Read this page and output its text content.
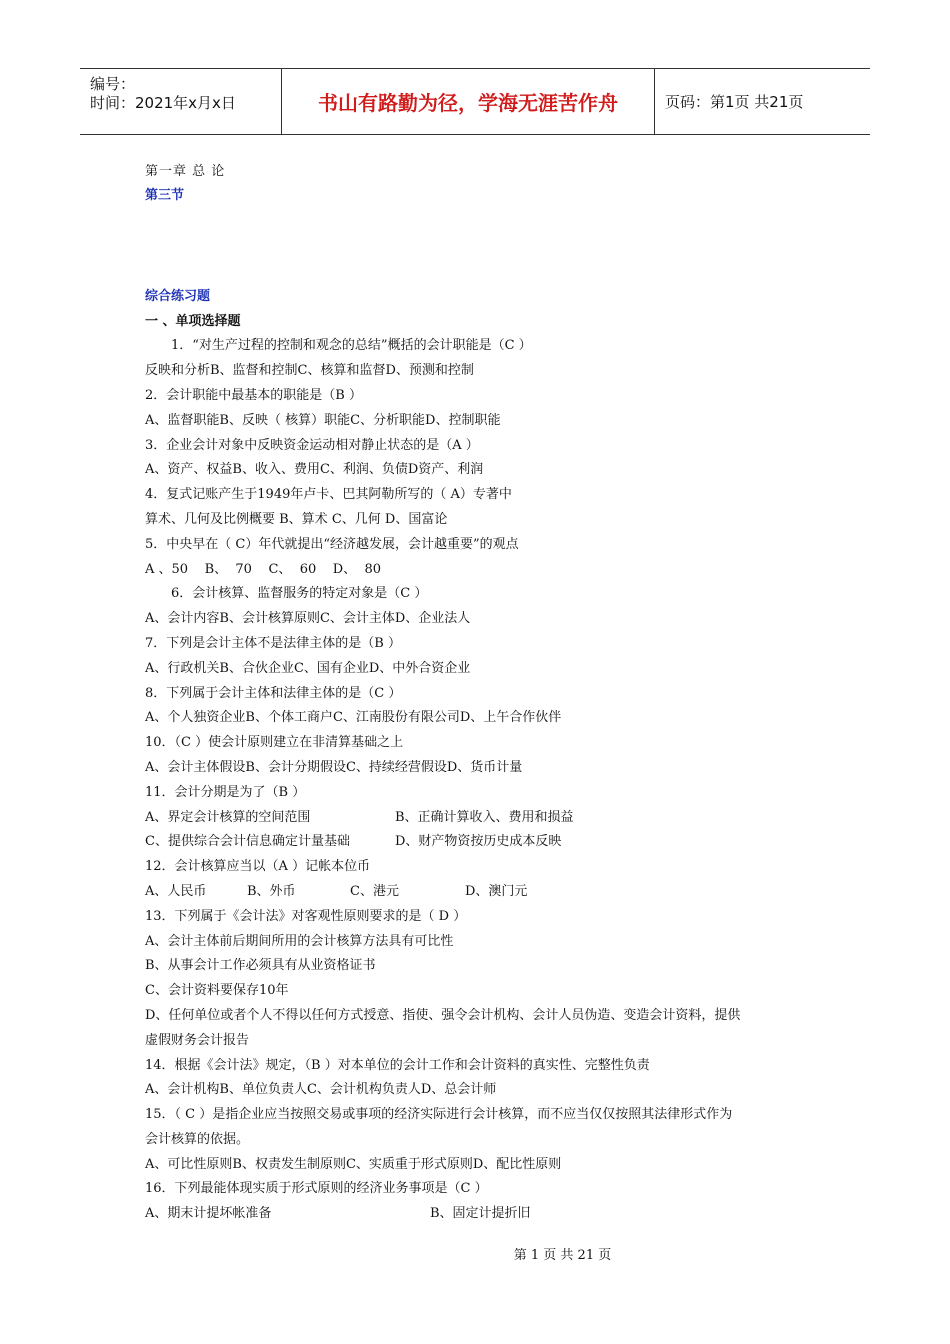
编号：
时间：2021年x月x日	书山有路勤为径，学海无涯苦作舟	页码：第1页 共21页
第一章 总 论
第三节
综合练习题
一 、单项选择题
1．“对生产过程的控制和观念的总结”概括的会计职能是（C ）
反映和分析B、监督和控制C、核算和监督D、预测和控制
2．会计职能中最基本的职能是（B ）
A、监督职能B、反映（ 核算）职能C、分析职能D、控制职能
3．企业会计对象中反映资金运动相对静止状态的是（A ）
A、资产、权益B、收入、费用C、利润、负债D资产、利润
4．复式记账产生于1949年卢卡、巴其阿勒所写的（ A）专著中
算术、几何及比例概要 B、算术 C、几何 D、国富论
5．中央早在（ C）年代就提出“经济越发展，会计越重要”的观点
A 、50    B、  70    C、  60    D、  80
6．会计核算、监督服务的特定对象是（C ）
A、会计内容B、会计核算原则C、会计主体D、企业法人
7．下列是会计主体不是法律主体的是（B ）
A、行政机关B、合伙企业C、国有企业D、中外合资企业
8．下列属于会计主体和法律主体的是（C ）
A、个人独资企业B、个体工商户C、江南股份有限公司D、上午合作伙伴
10．（C ）使会计原则建立在非清算基础之上
A、会计主体假设B、会计分期假设C、持续经营假设D、货币计量
11．会计分期是为了（B ）
A、界定会计核算的空间范围	B、正确计算收入、费用和损益
C、提供综合会计信息确定计量基础	D、财产物资按历史成本反映
12．会计核算应当以（A ）记帐本位币
A、人民币	B、外币	C、港元	D、澳门元
13．下列属于《会计法》对客观性原则要求的是（ D ）
A、会计主体前后期间所用的会计核算方法具有可比性
B、从事会计工作必须具有从业资格证书
C、会计资料要保存10年
D、任何单位或者个人不得以任何方式授意、指使、强令会计机构、会计人员伪造、变造会计资料，提供
虚假财务会计报告
14．根据《会计法》规定，（B ）对本单位的会计工作和会计资料的真实性、完整性负责
A、会计机构B、单位负责人C、会计机构负责人D、总会计师
15．（ C ）是指企业应当按照交易或事项的经济实际进行会计核算，而不应当仅仅按照其法律形式作为
会计核算的依据。
A、可比性原则B、权责发生制原则C、实质重于形式原则D、配比性原则
16．下列最能体现实质于形式原则的经济业务事项是（C ）
A、期末计提坏帐准备	B、固定计提折旧
第 1 页 共 21 页
